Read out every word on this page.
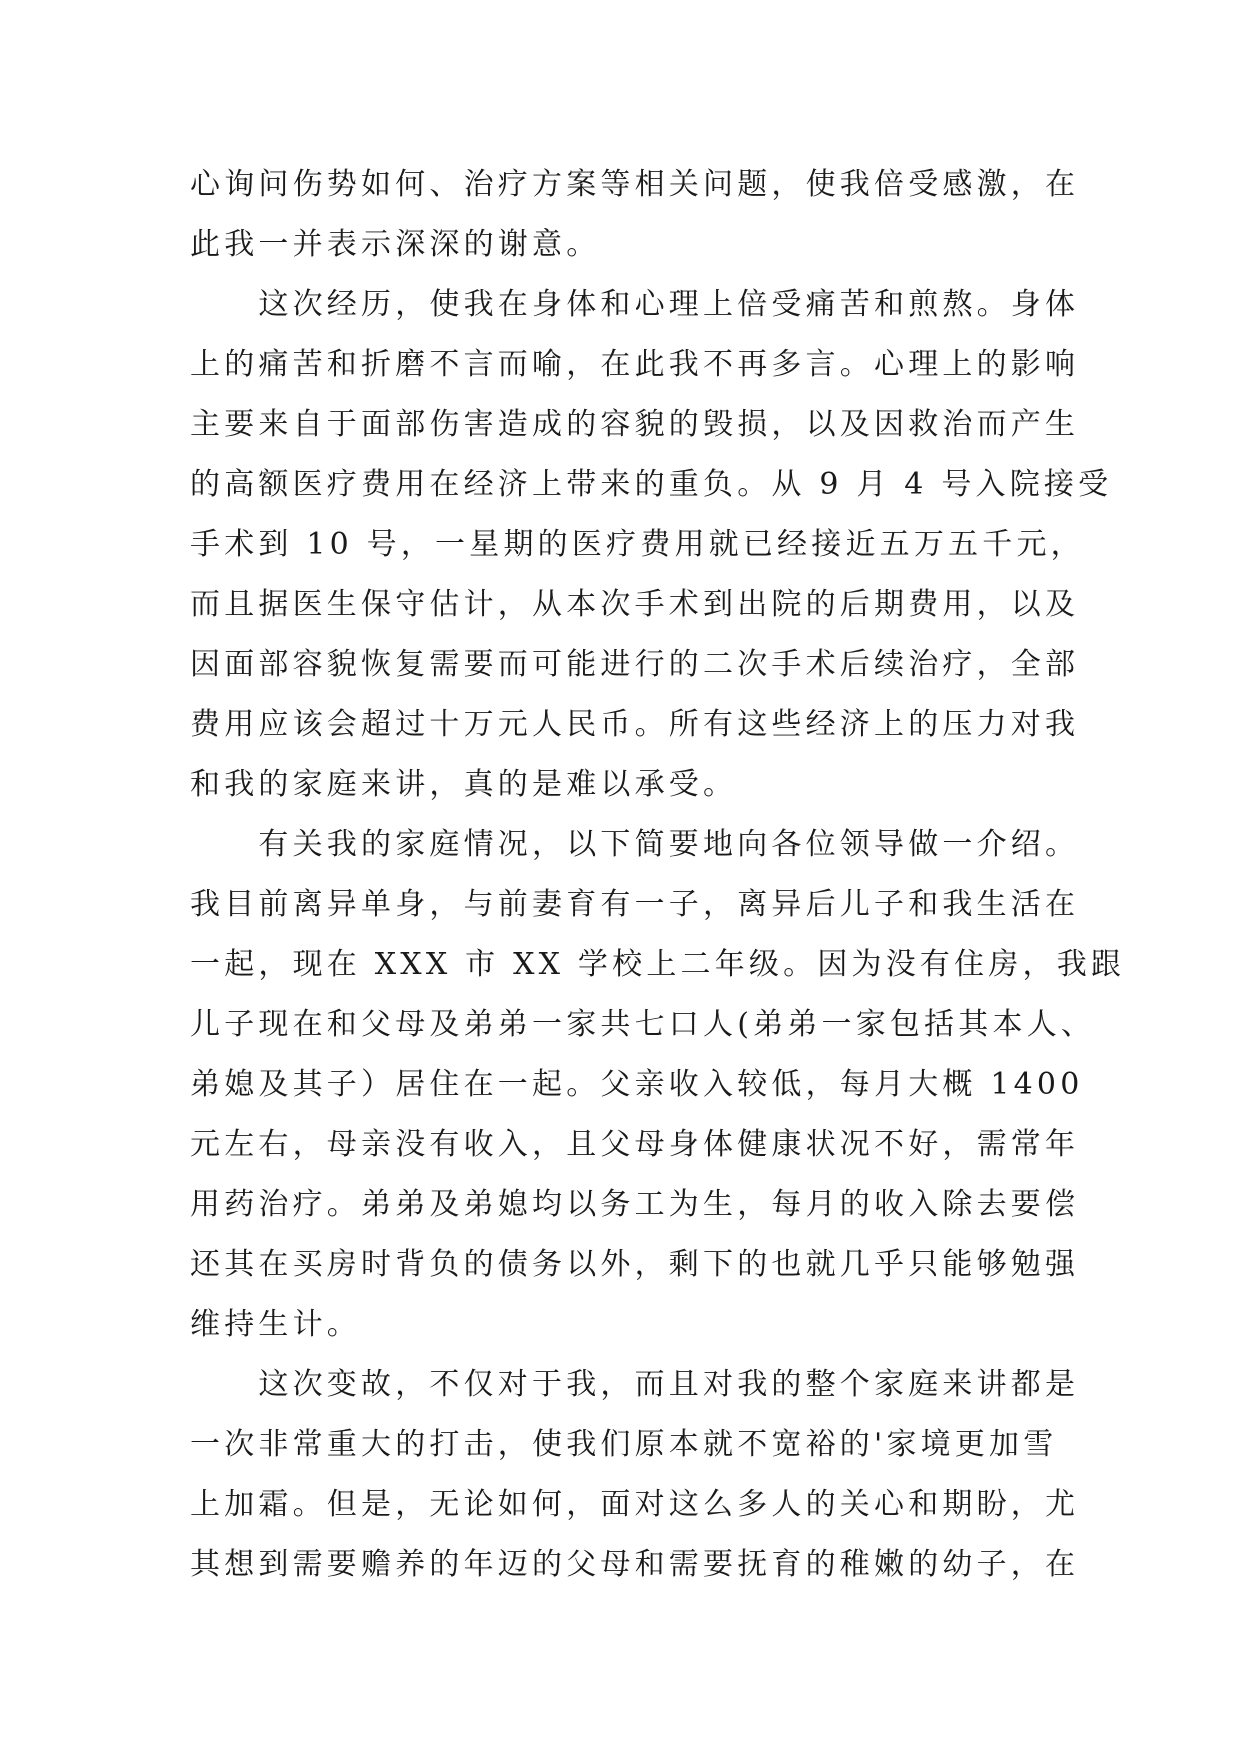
心询问伤势如何、治疗方案等相关问题，使我倍受感激，在
此我一并表示深深的谢意。
　　这次经历，使我在身体和心理上倍受痛苦和煎熬。身体
上的痛苦和折磨不言而喻，在此我不再多言。心理上的影响
主要来自于面部伤害造成的容貌的毁损，以及因救治而产生
的高额医疗费用在经济上带来的重负。从 9 月 4 号入院接受
手术到 10 号，一星期的医疗费用就已经接近五万五千元，
而且据医生保守估计，从本次手术到出院的后期费用，以及
因面部容貌恢复需要而可能进行的二次手术后续治疗，全部
费用应该会超过十万元人民币。所有这些经济上的压力对我
和我的家庭来讲，真的是难以承受。
　　有关我的家庭情况，以下简要地向各位领导做一介绍。
我目前离异单身，与前妻育有一子，离异后儿子和我生活在
一起，现在 XXX 市 XX 学校上二年级。因为没有住房，我跟
儿子现在和父母及弟弟一家共七口人(弟弟一家包括其本人、
弟媳及其子）居住在一起。父亲收入较低，每月大概 1400
元左右，母亲没有收入，且父母身体健康状况不好，需常年
用药治疗。弟弟及弟媳均以务工为生，每月的收入除去要偿
还其在买房时背负的债务以外，剩下的也就几乎只能够勉强
维持生计。
　　这次变故，不仅对于我，而且对我的整个家庭来讲都是
一次非常重大的打击，使我们原本就不宽裕的'家境更加雪
上加霜。但是，无论如何，面对这么多人的关心和期盼，尤
其想到需要赡养的年迈的父母和需要抚育的稚嫩的幼子，在
